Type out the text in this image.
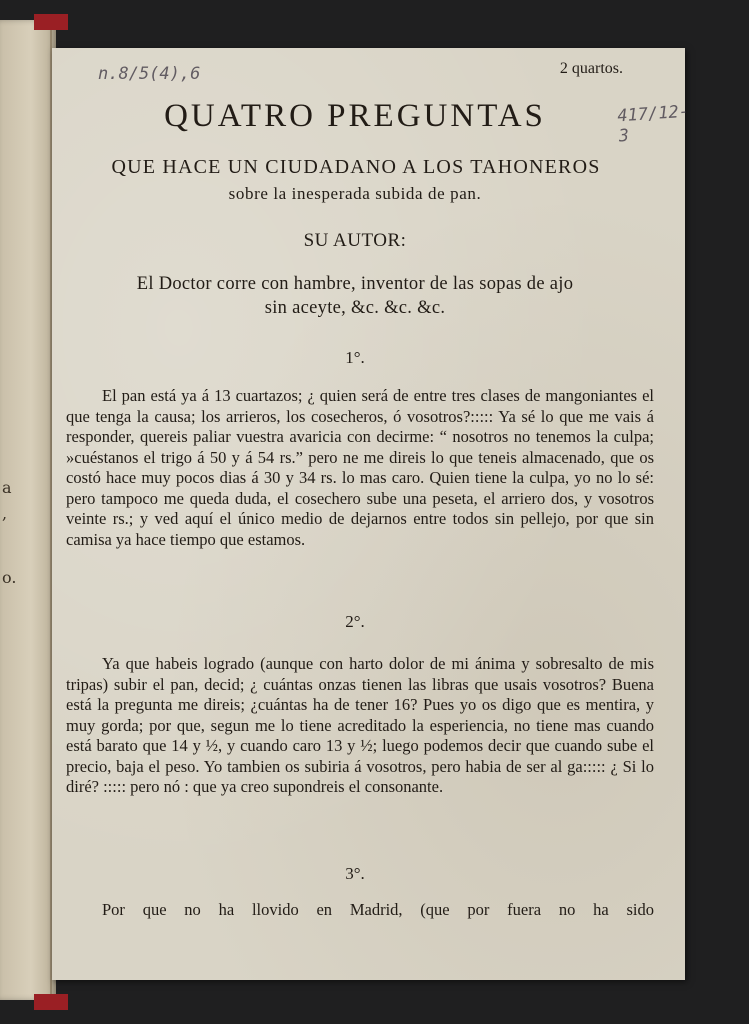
a
,
o.
n.8/5(4),6
417/12-3
2 quartos.
QUATRO PREGUNTAS
QUE HACE UN CIUDADANO A LOS TAHONEROS
sobre la inesperada subida de pan.
SU AUTOR:
El Doctor corre con hambre, inventor de las sopas de ajo
sin aceyte, &c. &c. &c.
1°.

El pan está ya á 13 cuartazos; ¿ quien será de entre tres clases de mangoniantes el que tenga la causa; los arrieros, los cosecheros, ó vosotros?::::: Ya sé lo que me vais á responder, quereis paliar vuestra avaricia con decirme: “ nosotros no tenemos la culpa; »cuéstanos el trigo á 50 y á 54 rs.” pero ne me direis lo que teneis almacenado, que os costó hace muy pocos dias á 30 y 34 rs. lo mas caro. Quien tiene la culpa, yo no lo sé: pero tampoco me queda duda, el cosechero sube una peseta, el arriero dos, y vosotros veinte rs.; y ved aquí el único medio de dejarnos entre todos sin pellejo, por que sin camisa ya hace tiempo que estamos.

2°.

Ya que habeis logrado (aunque con harto dolor de mi ánima y sobresalto de mis tripas) subir el pan, decid; ¿ cuántas onzas tienen las libras que usais vosotros? Buena está la pregunta me direis; ¿cuántas ha de tener 16? Pues yo os digo que es mentira, y muy gorda; por que, segun me lo tiene acreditado la esperiencia, no tiene mas cuando está barato que 14 y ½, y cuando caro 13 y ½; luego podemos decir que cuando sube el precio, baja el peso. Yo tambien os subiria á vosotros, pero habia de ser al ga::::: ¿ Si lo diré? ::::: pero nó : que ya creo supondreis el consonante.

3°.

Por que no ha llovido en Madrid, (que por fuera no ha sido
